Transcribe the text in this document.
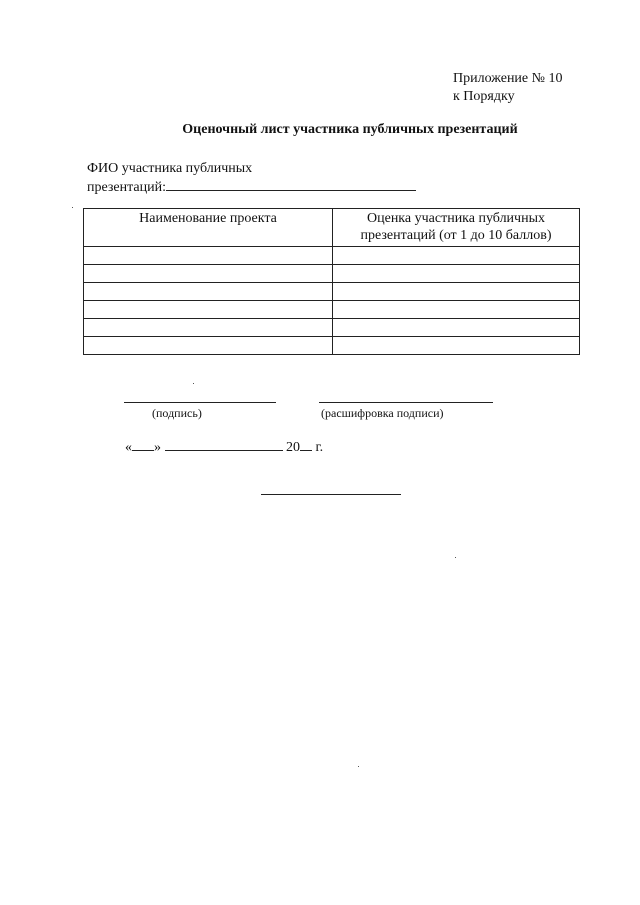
Приложение № 10
к Порядку
Оценочный лист участника публичных презентаций
ФИО участника публичных
презентаций:
Наименование проекта	Оценка участника публичных презентаций (от 1 до 10 баллов)

(подпись)	(расшифровка подписи)
« »	20 г.
